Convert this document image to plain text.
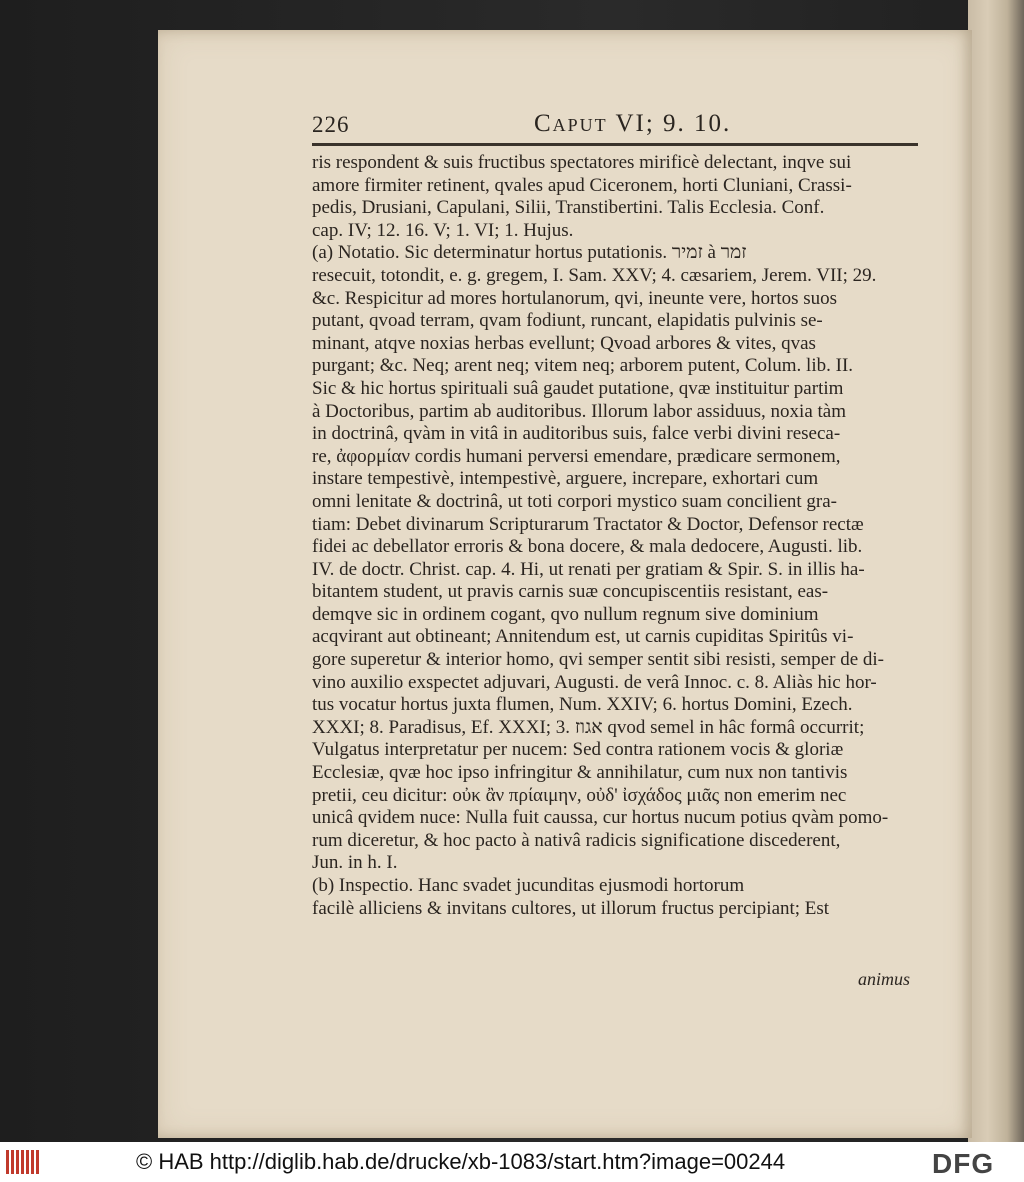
226	Caput VI; 9. 10.
ris respondent & suis fructibus spectatores mirificè delectant, inqve sui
amore firmiter retinent, qvales apud Ciceronem, horti Cluniani, Crassi-
pedis, Drusiani, Capulani, Silii, Transtibertini. Talis Ecclesia. Conf.
cap. IV; 12. 16. V; 1. VI; 1. Hujus.
(a) Notatio. Sic determinatur hortus putationis. זמיר à זמר
resecuit, totondit, e. g. gregem, I. Sam. XXV; 4. cæsariem, Jerem. VII; 29.
&c. Respicitur ad mores hortulanorum, qvi, ineunte vere, hortos suos
putant, qvoad terram, qvam fodiunt, runcant, elapidatis pulvinis se-
minant, atqve noxias herbas evellunt; Qvoad arbores & vites, qvas
purgant; &c. Neq; arent neq; vitem neq; arborem putent, Colum. lib. II.
Sic & hic hortus spirituali suâ gaudet putatione, qvæ instituitur partim
à Doctoribus, partim ab auditoribus. Illorum labor assiduus, noxia tàm
in doctrinâ, qvàm in vitâ in auditoribus suis, falce verbi divini reseca-
re, ἀφορμίαν cordis humani perversi emendare, prædicare sermonem,
instare tempestivè, intempestivè, arguere, increpare, exhortari cum
omni lenitate & doctrinâ, ut toti corpori mystico suam concilient gra-
tiam: Debet divinarum Scripturarum Tractator & Doctor, Defensor rectæ
fidei ac debellator erroris & bona docere, & mala dedocere, Augusti. lib.
IV. de doctr. Christ. cap. 4. Hi, ut renati per gratiam & Spir. S. in illis ha-
bitantem student, ut pravis carnis suæ concupiscentiis resistant, eas-
demqve sic in ordinem cogant, qvo nullum regnum sive dominium
acqvirant aut obtineant; Annitendum est, ut carnis cupiditas Spiritûs vi-
gore superetur & interior homo, qvi semper sentit sibi resisti, semper de di-
vino auxilio exspectet adjuvari, Augusti. de verâ Innoc. c. 8. Aliàs hic hor-
tus vocatur hortus juxta flumen, Num. XXIV; 6. hortus Domini, Ezech.
XXXI; 8. Paradisus, Ef. XXXI; 3. אגוז qvod semel in hâc formâ occurrit;
Vulgatus interpretatur per nucem: Sed contra rationem vocis & gloriæ
Ecclesiæ, qvæ hoc ipso infringitur & annihilatur, cum nux non tantivis
pretii, ceu dicitur: οὐκ ἂν πρίαιμην, οὐδ' ἰσχάδος μιᾶς non emerim nec
unicâ qvidem nuce: Nulla fuit caussa, cur hortus nucum potius qvàm pomo-
rum diceretur, & hoc pacto à nativâ radicis significatione discederent,
Jun. in h. I.
(b) Inspectio. Hanc svadet jucunditas ejusmodi hortorum
facilè alliciens & invitans cultores, ut illorum fructus percipiant; Est
animus
© HAB http://diglib.hab.de/drucke/xb-1083/start.htm?image=00244	DFG
